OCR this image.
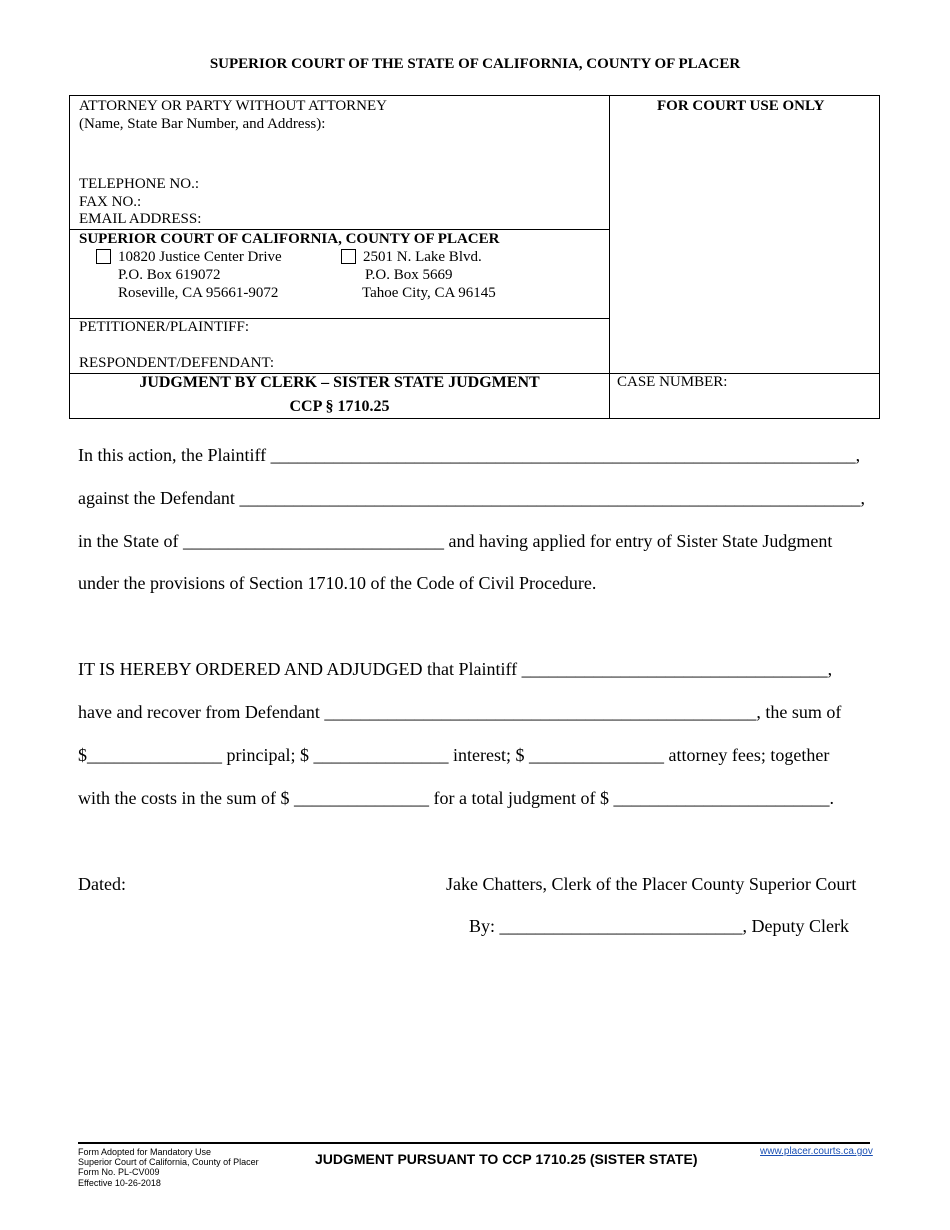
SUPERIOR COURT OF THE STATE OF CALIFORNIA, COUNTY OF PLACER
ATTORNEY OR PARTY WITHOUT ATTORNEY
(Name, State Bar Number, and Address):
TELEPHONE NO.:
FAX NO.:
EMAIL ADDRESS:
FOR COURT USE ONLY
SUPERIOR COURT OF CALIFORNIA, COUNTY OF PLACER
10820 Justice Center Drive
P.O. Box 619072
Roseville, CA 95661-9072
2501 N. Lake Blvd.
P.O. Box 5669
Tahoe City, CA 96145
PETITIONER/PLAINTIFF:
RESPONDENT/DEFENDANT:
JUDGMENT BY CLERK – SISTER STATE JUDGMENT
CCP § 1710.25
CASE NUMBER:
In this action, the Plaintiff _________________________________________________________________,
against the Defendant _____________________________________________________________________,
in the State of _____________________________ and having applied for entry of Sister State Judgment
under the provisions of Section 1710.10 of the Code of Civil Procedure.
IT IS HEREBY ORDERED AND ADJUDGED that Plaintiff __________________________________,
have and recover from Defendant ________________________________________________, the sum of
$_______________ principal; $ _______________ interest; $ _______________ attorney fees; together
with the costs in the sum of $ _______________ for a total judgment of $ ________________________.
Dated:	Jake Chatters, Clerk of the Placer County Superior Court
By: ___________________________, Deputy Clerk
Form Adopted for Mandatory Use
Superior Court of California, County of Placer
Form No. PL-CV009
Effective 10-26-2018
JUDGMENT PURSUANT TO CCP 1710.25 (SISTER STATE)	www.placer.courts.ca.gov
